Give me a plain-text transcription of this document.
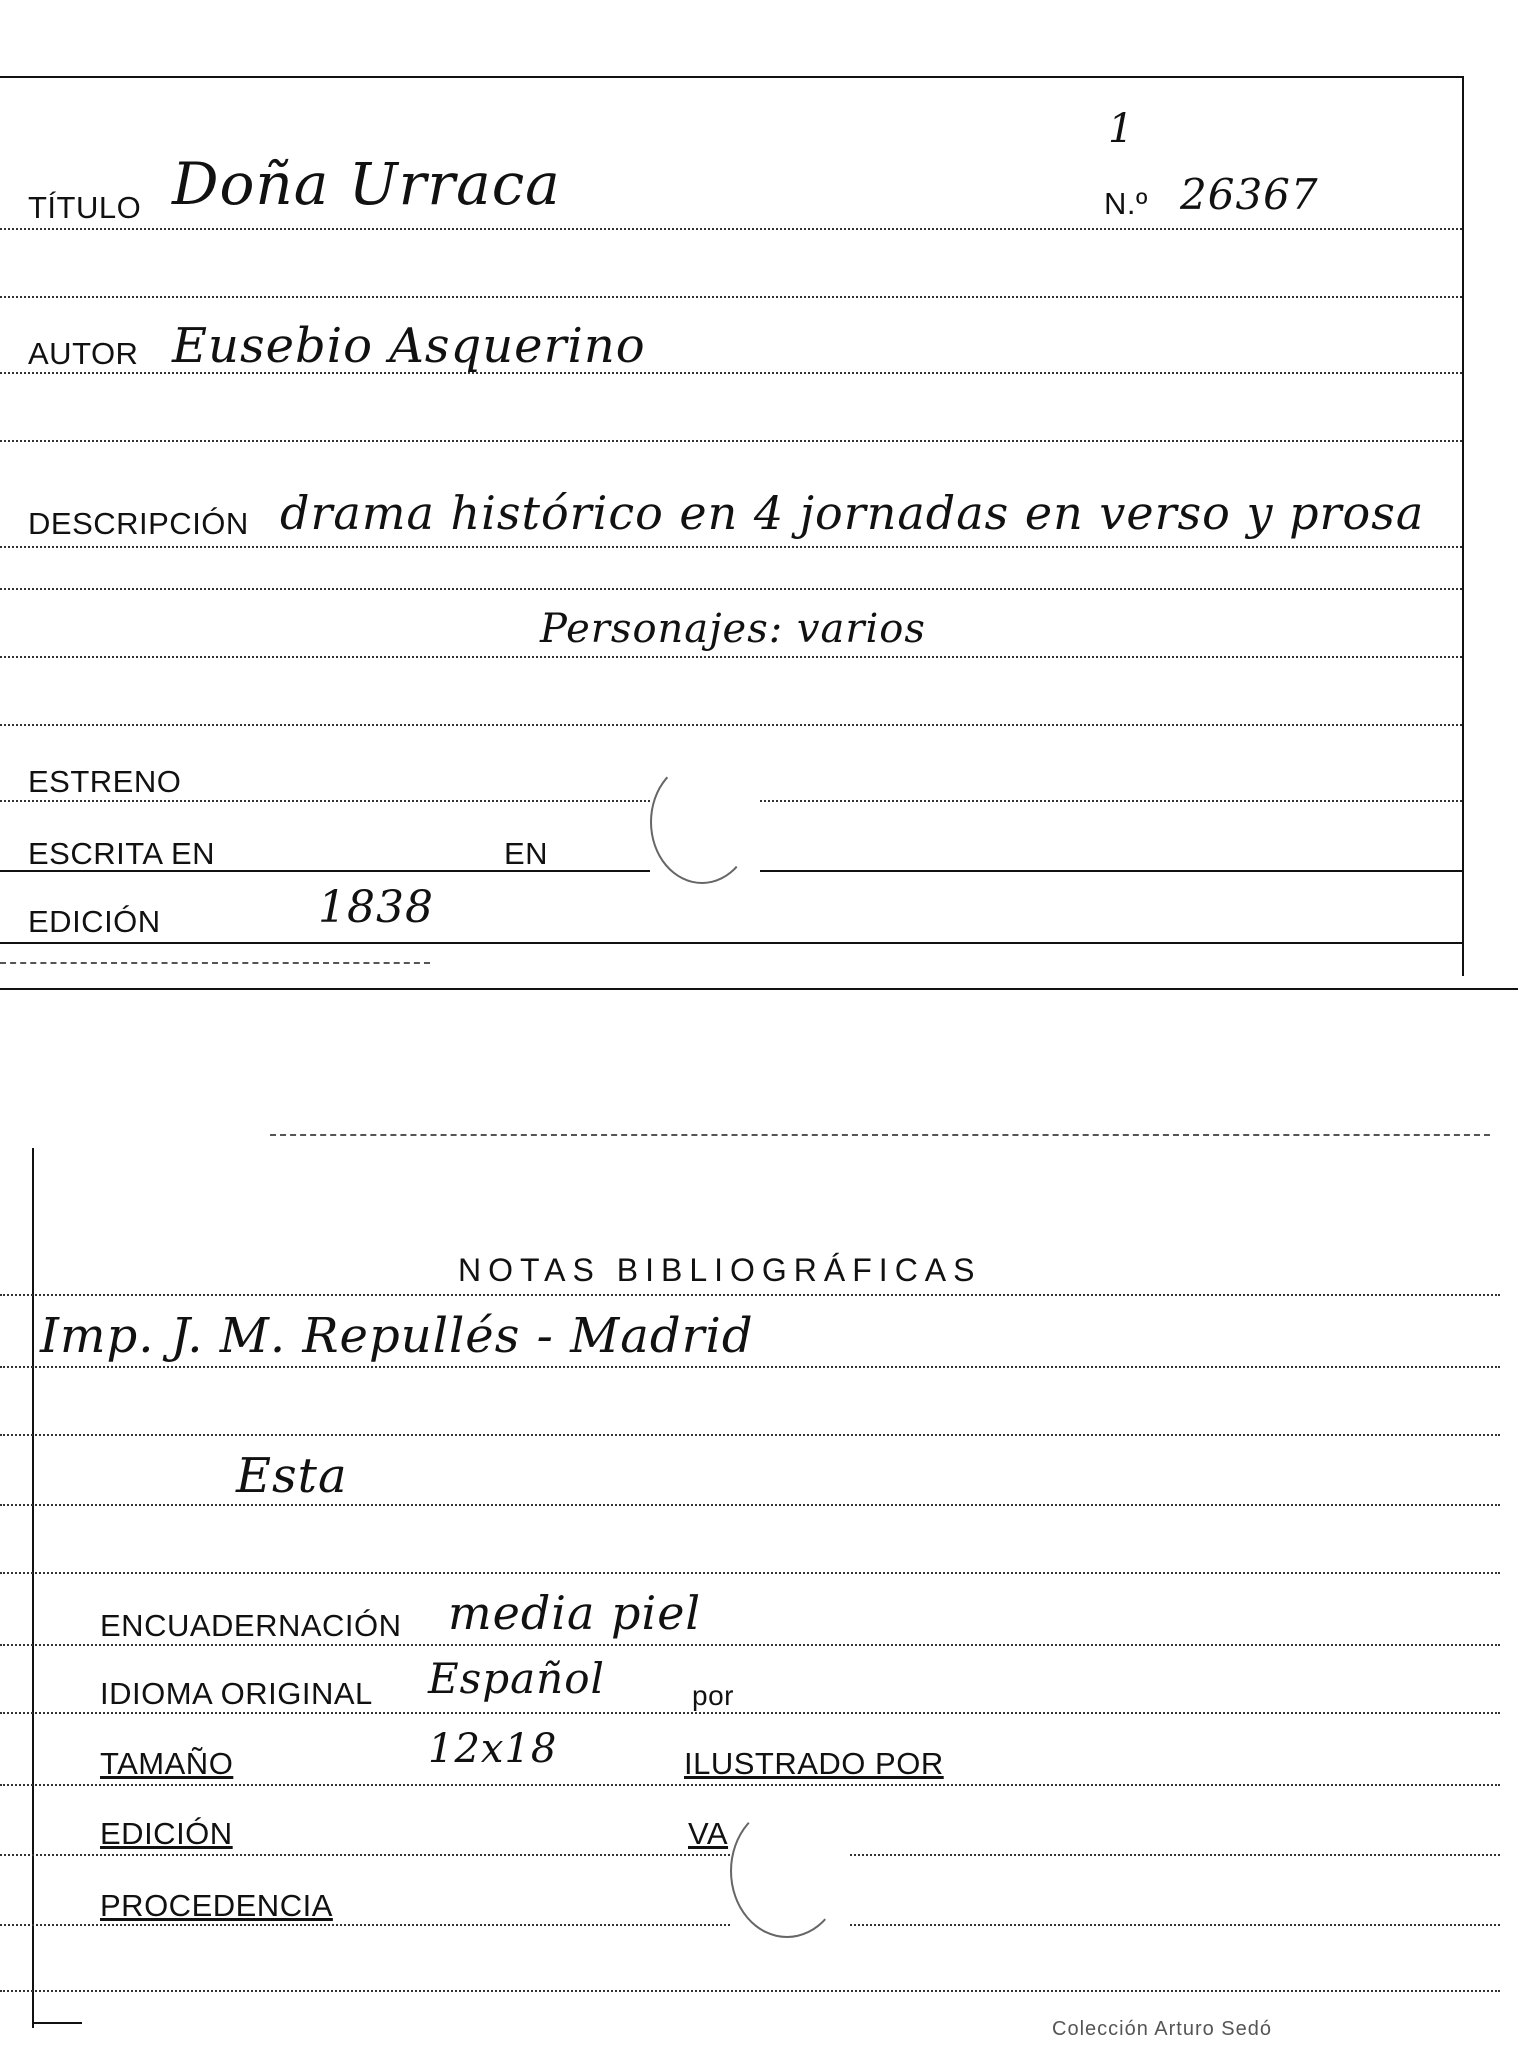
TÍTULO Doña Urraca
1
N.º 26367
AUTOR Eusebio Asquerino
DESCRIPCIÓN drama histórico en 4 jornadas en verso y prosa
Personajes: varios
ESTRENO
ESCRITA EN	EN
EDICIÓN	1838
NOTAS BIBLIOGRÁFICAS
Imp. J. M. Repullés - Madrid
Esta
ENCUADERNACIÓN media piel
IDIOMA ORIGINAL Español	por
TAMAÑO	12x18	ILUSTRADO POR
EDICIÓN	VA
PROCEDENCIA
Colección Arturo Sedó
